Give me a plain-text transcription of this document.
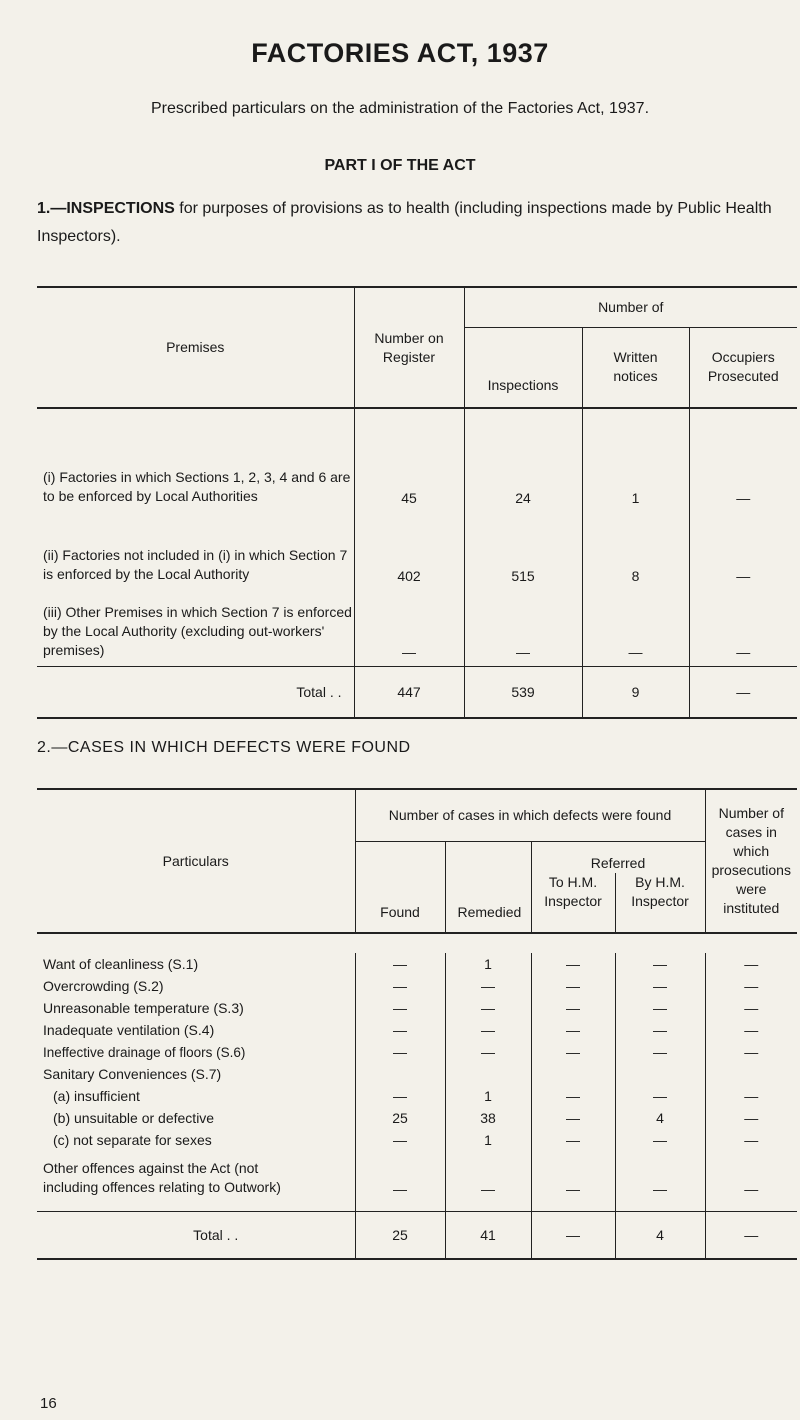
FACTORIES ACT, 1937
Prescribed particulars on the administration of the Factories Act, 1937.
PART I OF THE ACT
1.—INSPECTIONS for purposes of provisions as to health (including inspections made by Public Health Inspectors).
Premises	Number on Register	Number of		
		Inspections	Written notices	Occupiers Prosecuted
(i) Factories in which Sections 1, 2, 3, 4 and 6 are to be enforced by Local Authorities	45	24	1	—
(ii) Factories not included in (i) in which Section 7 is enforced by the Local Authority	402	515	8	—
(iii) Other Premises in which Section 7 is enforced by the Local Authority (excluding out-workers' premises)	—	—	—	—
Total . .	447	539	9	—
2.—CASES IN WHICH DEFECTS WERE FOUND
Particulars	Number of cases in which defects were found				Number of cases in which prosecutions were instituted
	Found	Remedied	Referred		
			To H.M. Inspector	By H.M. Inspector	

Want of cleanliness (S.1)	—	1	—	—	—
Overcrowding (S.2)	—	—	—	—	—
Unreasonable temperature (S.3)	—	—	—	—	—
Inadequate ventilation (S.4)	—	—	—	—	—
Ineffective drainage of floors (S.6)	—	—	—	—	—
Sanitary Conveniences (S.7)					
(a) insufficient	—	1	—	—	—
(b) unsuitable or defective	25	38	—	4	—
(c) not separate for sexes	—	1	—	—	—
Other offences against the Act (not including offences relating to Outwork)	—	—	—	—	—
Total . .	25	41	—	4	—
16
